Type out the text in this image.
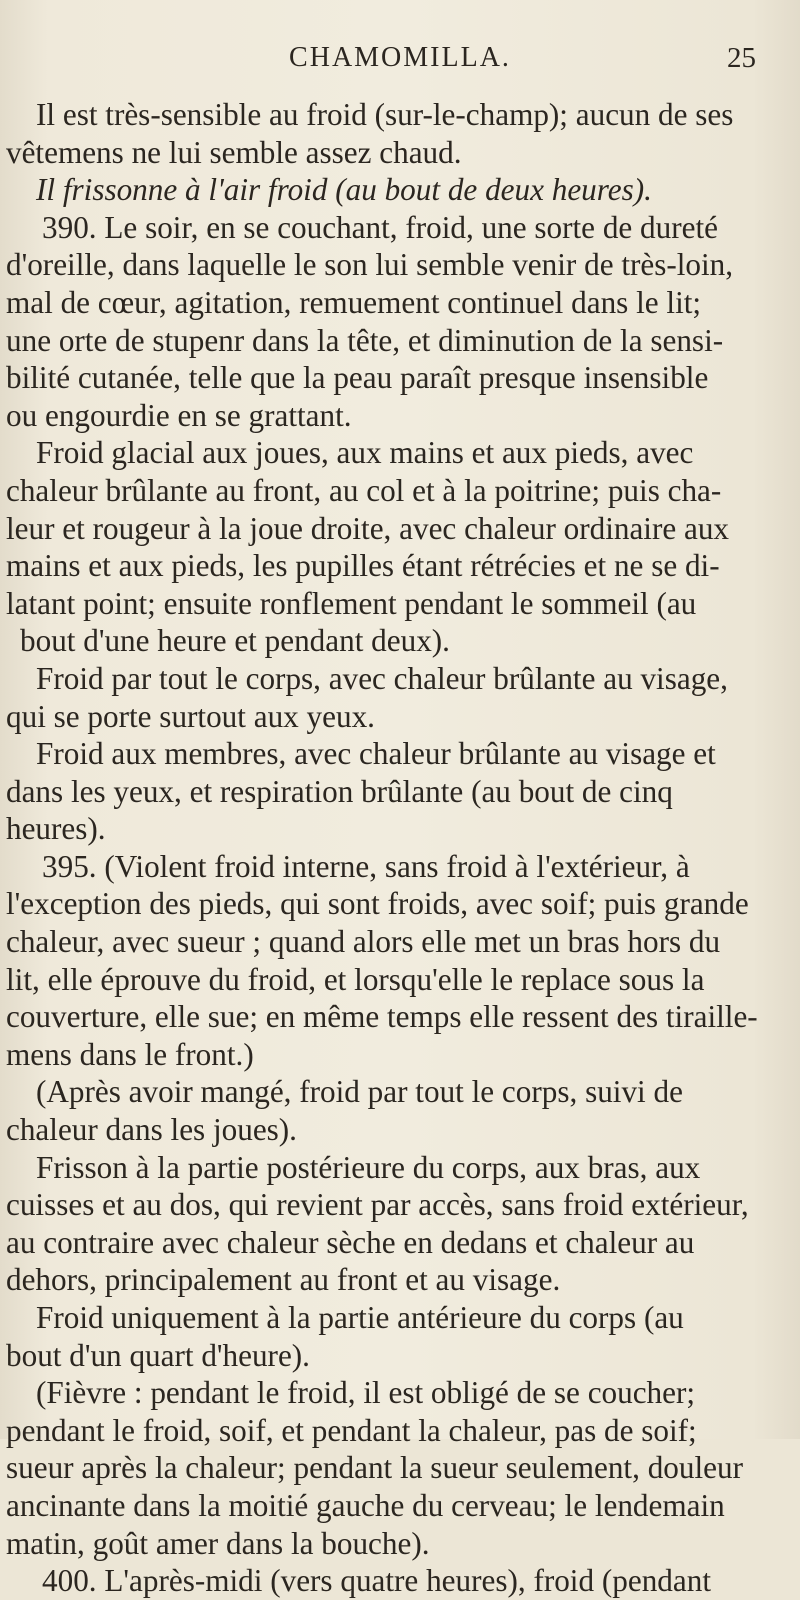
CHAMOMILLA.	25
Il est très-sensible au froid (sur-le-champ); aucun de ses
vêtemens ne lui semble assez chaud.
Il frissonne à l'air froid (au bout de deux heures).
390. Le soir, en se couchant, froid, une sorte de dureté
d'oreille, dans laquelle le son lui semble venir de très-loin,
mal de cœur, agitation, remuement continuel dans le lit;
une orte de stupenr dans la tête, et diminution de la sensi-
bilité cutanée, telle que la peau paraît presque insensible
ou engourdie en se grattant.
Froid glacial aux joues, aux mains et aux pieds, avec
chaleur brûlante au front, au col et à la poitrine; puis cha-
leur et rougeur à la joue droite, avec chaleur ordinaire aux
mains et aux pieds, les pupilles étant rétrécies et ne se di-
latant point; ensuite ronflement pendant le sommeil (au
bout d'une heure et pendant deux).
Froid par tout le corps, avec chaleur brûlante au visage,
qui se porte surtout aux yeux.
Froid aux membres, avec chaleur brûlante au visage et
dans les yeux, et respiration brûlante (au bout de cinq
heures).
395. (Violent froid interne, sans froid à l'extérieur, à
l'exception des pieds, qui sont froids, avec soif; puis grande
chaleur, avec sueur ; quand alors elle met un bras hors du
lit, elle éprouve du froid, et lorsqu'elle le replace sous la
couverture, elle sue; en même temps elle ressent des tiraille-
mens dans le front.)
(Après avoir mangé, froid par tout le corps, suivi de
chaleur dans les joues).
Frisson à la partie postérieure du corps, aux bras, aux
cuisses et au dos, qui revient par accès, sans froid extérieur,
au contraire avec chaleur sèche en dedans et chaleur au
dehors, principalement au front et au visage.
Froid uniquement à la partie antérieure du corps (au
bout d'un quart d'heure).
(Fièvre : pendant le froid, il est obligé de se coucher;
pendant le froid, soif, et pendant la chaleur, pas de soif;
sueur après la chaleur; pendant la sueur seulement, douleur
ancinante dans la moitié gauche du cerveau; le lendemain
matin, goût amer dans la bouche).
400. L'après-midi (vers quatre heures), froid (pendant
